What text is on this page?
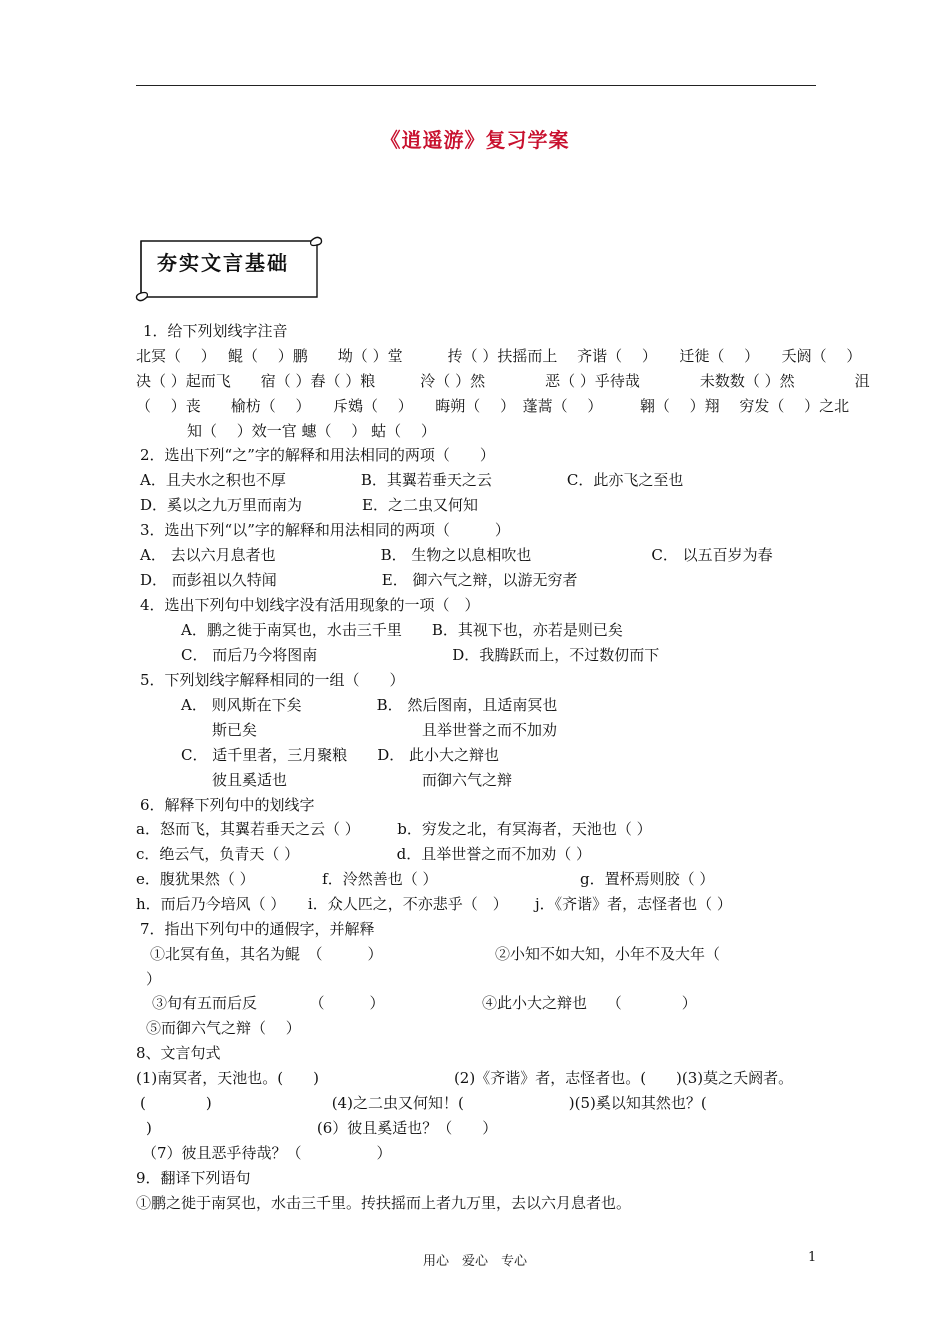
《逍遥游》复习学案
夯实文言基础
1．给下列划线字注音
北冥（　 ）　 鲲（　 ）鹏　　坳（ ）堂　　　抟（ ）扶摇而上　 齐谐（　 ）　　迁徙（　 ）　　夭阏（　 ）
决（ ）起而飞　　宿（ ）舂（ ）粮　　　泠（ ）然　　　　恶（ ）乎待哉　　　　未数数（ ）然　　　　沮
（　 ）丧　　榆枋（　 ）　　斥鴳（　 ）　　晦朔（　 ）　蓬蒿（　 ）　　　翱（　 ）翔　 穷发（　 ）之北
知（　 ）效一官 蟪（　 ） 蛄（　 ）
2．选出下列“之”字的解释和用法相同的两项（　　）
A．且夫水之积也不厚　　　　　B．其翼若垂天之云　　　　　C．此亦飞之至也
D．奚以之九万里而南为　　　　E．之二虫又何知
3．选出下列“以”字的解释和用法相同的两项（　　　）
A． 去以六月息者也　　　　　　　B． 生物之以息相吹也　　　　　　　　C． 以五百岁为春
D． 而彭祖以久特闻　　　　　　　E． 御六气之辩，以游无穷者
4．选出下列句中划线字没有活用现象的一项（　）
A．鹏之徙于南冥也，水击三千里　　B．其视下也，亦若是则已矣
C． 而后乃今将图南　　　　　　　　　D．我腾跃而上，不过数仞而下
5．下列划线字解释相同的一组（　　）
A． 则风斯在下矣　　　　　B． 然后图南，且适南冥也
斯已矣　　　　　　　　　　　且举世誉之而不加劝
C． 适千里者，三月聚粮　　D． 此小大之辩也
彼且奚适也　　　　　　　　　而御六气之辩
6．解释下列句中的划线字
a．怒而飞，其翼若垂天之云（ ）　　　b．穷发之北，有冥海者，天池也（ ）
c．绝云气，负青天（ ）　　　　　　　d．且举世誉之而不加劝（ ）
e．腹犹果然（ ）　　　　　f．泠然善也（ ）　　　　　　　　　　g．置杯焉则胶（ ）
h．而后乃今培风（ ）　　i．众人匹之，不亦悲乎（　）　　 j．《齐谐》者，志怪者也（ ）
7．指出下列句中的通假字，并解释
①北冥有鱼，其名为鲲　（　　　）　　　　　　　　②小知不如大知，小年不及大年（
）
③旬有五而后反　　　　（　　　）　　　　　　　④此小大之辩也　 （　　　　）
⑤而御六气之辩（　 ）
8、文言句式
(1)南冥者，天池也。(　　)　　　　　　　　　(2)《齐谐》者，志怪者也。(　　)(3)莫之夭阏者。
(　　　　)　　　　　　　　(4)之二虫又何知！(　　　　　　　)(5)奚以知其然也？(
)　　　　　　　　　　　(6）彼且奚适也？（　　）
（7）彼且恶乎待哉？（　　　　　）
9．翻译下列语句
①鹏之徙于南冥也，水击三千里。抟扶摇而上者九万里，去以六月息者也。
用心　爱心　专心	1
